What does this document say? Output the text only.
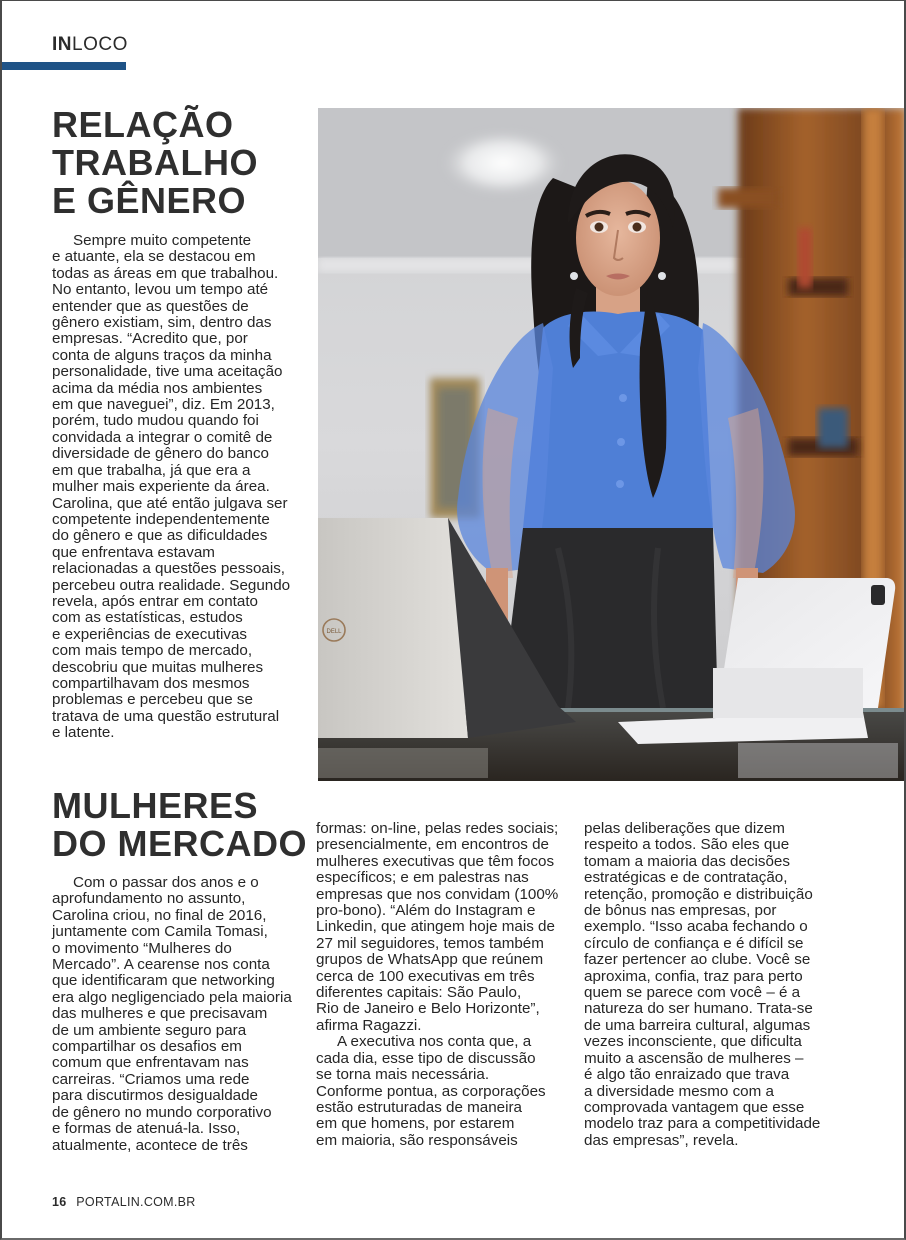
INLOCO
RELAÇÃO
TRABALHO
E GÊNERO
Sempre muito competente
e atuante, ela se destacou em
todas as áreas em que trabalhou.
No entanto, levou um tempo até
entender que as questões de
gênero existiam, sim, dentro das
empresas. “Acredito que, por
conta de alguns traços da minha
personalidade, tive uma aceitação
acima da média nos ambientes
em que naveguei”, diz. Em 2013,
porém, tudo mudou quando foi
convidada a integrar o comitê de
diversidade de gênero do banco
em que trabalha, já que era a
mulher mais experiente da área.
Carolina, que até então julgava ser
competente independentemente
do gênero e que as dificuldades
que enfrentava estavam
relacionadas a questões pessoais,
percebeu outra realidade. Segundo
revela, após entrar em contato
com as estatísticas, estudos
e experiências de executivas
com mais tempo de mercado,
descobriu que muitas mulheres
compartilhavam dos mesmos
problemas e percebeu que se
tratava de uma questão estrutural
e latente.
DELL
MULHERES
DO MERCADO
Com o passar dos anos e o
aprofundamento no assunto,
Carolina criou, no final de 2016,
juntamente com Camila Tomasi,
o movimento “Mulheres do
Mercado”. A cearense nos conta
que identificaram que networking
era algo negligenciado pela maioria
das mulheres e que precisavam
de um ambiente seguro para
compartilhar os desafios em
comum que enfrentavam nas
carreiras. “Criamos uma rede
para discutirmos desigualdade
de gênero no mundo corporativo
e formas de atenuá-la. Isso,
atualmente, acontece de três
formas: on-line, pelas redes sociais;
presencialmente, em encontros de
mulheres executivas que têm focos
específicos; e em palestras nas
empresas que nos convidam (100%
pro-bono). “Além do Instagram e
Linkedin, que atingem hoje mais de
27 mil seguidores, temos também
grupos de WhatsApp que reúnem
cerca de 100 executivas em três
diferentes capitais: São Paulo,
Rio de Janeiro e Belo Horizonte”,
afirma Ragazzi.
A executiva nos conta que, a
cada dia, esse tipo de discussão
se torna mais necessária.
Conforme pontua, as corporações
estão estruturadas de maneira
em que homens, por estarem
em maioria, são responsáveis
pelas deliberações que dizem
respeito a todos. São eles que
tomam a maioria das decisões
estratégicas e de contratação,
retenção, promoção e distribuição
de bônus nas empresas, por
exemplo. “Isso acaba fechando o
círculo de confiança e é difícil se
fazer pertencer ao clube. Você se
aproxima, confia, traz para perto
quem se parece com você – é a
natureza do ser humano. Trata-se
de uma barreira cultural, algumas
vezes inconsciente, que dificulta
muito a ascensão de mulheres –
é algo tão enraizado que trava
a diversidade mesmo com a
comprovada vantagem que esse
modelo traz para a competitividade
das empresas”, revela.
16 PORTALIN.COM.BR
